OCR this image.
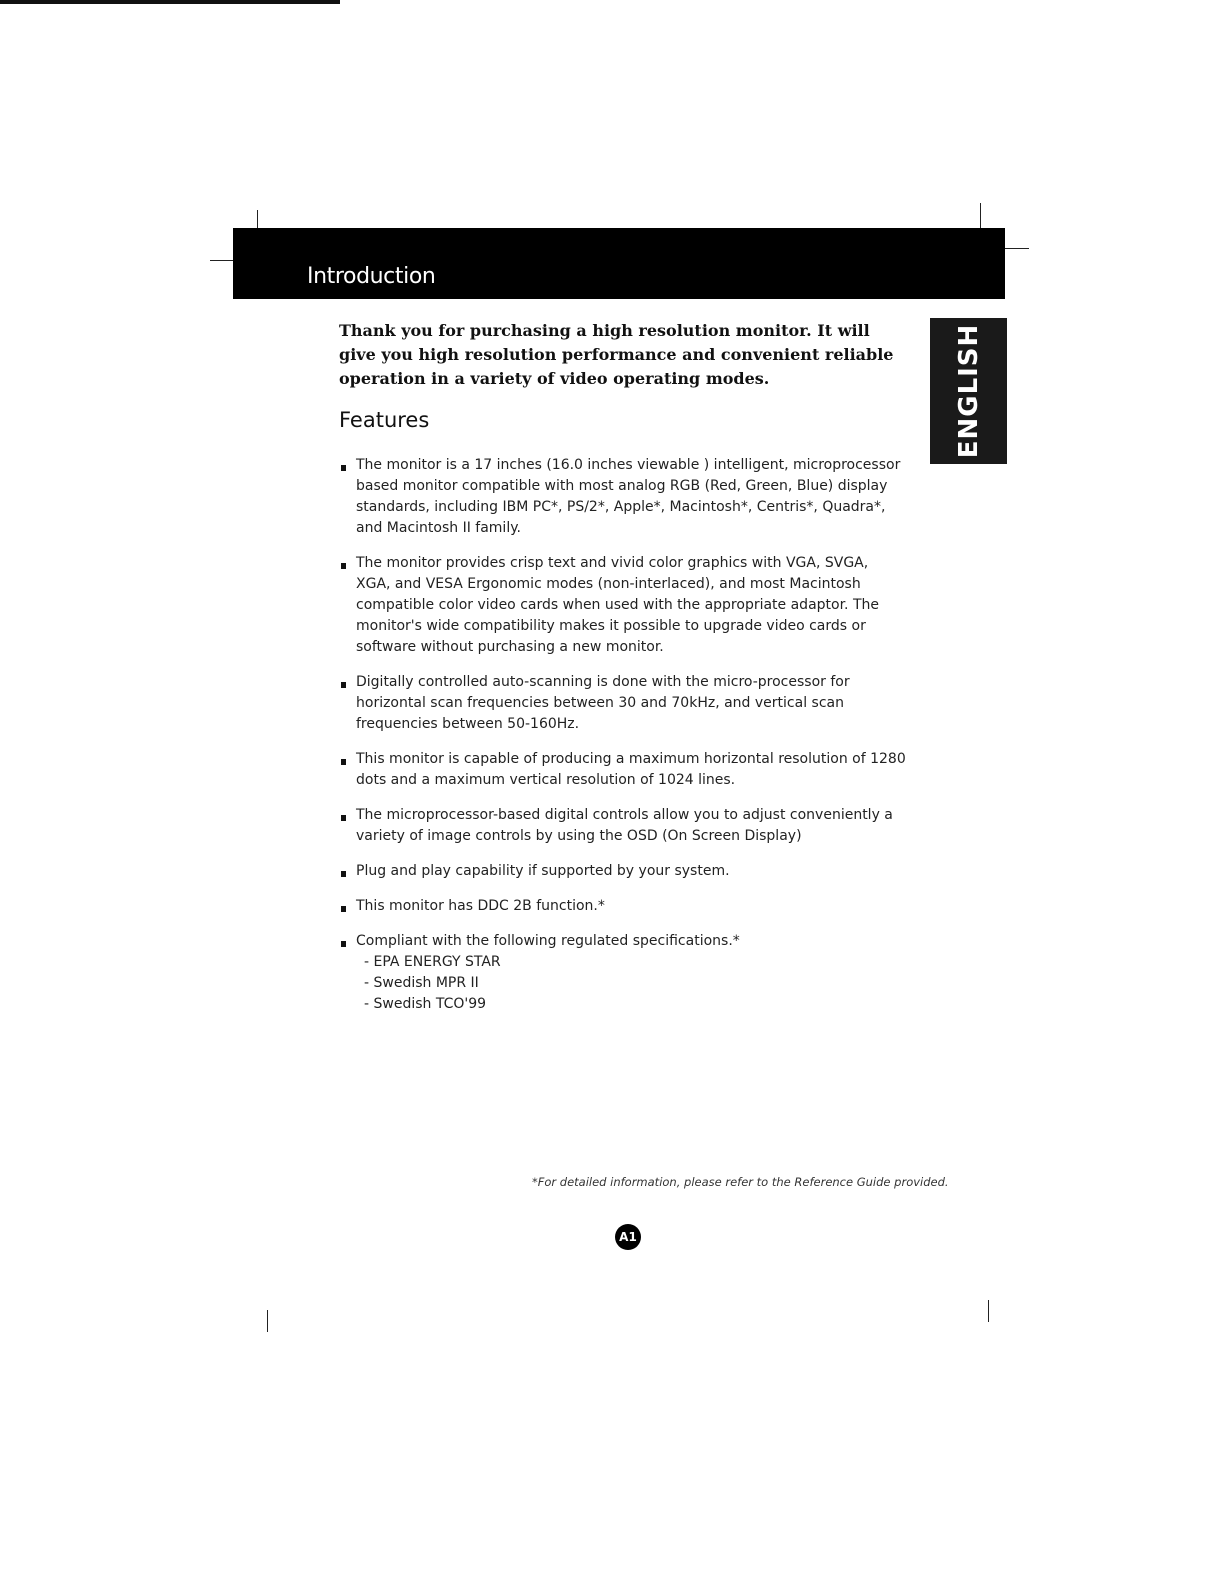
Introduction
ENGLISH

Thank you for purchasing a high resolution monitor. It will give you high resolution performance and convenient reliable operation in a variety of video operating modes.

Features
The monitor is a 17 inches (16.0 inches viewable ) intelligent, microprocessor based monitor compatible with most analog RGB (Red, Green, Blue) display standards, including IBM PC*, PS/2*, Apple*, Macintosh*, Centris*, Quadra*, and Macintosh II family.
The monitor provides crisp text and vivid color graphics with VGA, SVGA, XGA, and VESA Ergonomic modes (non-interlaced), and most Macintosh compatible color video cards when used with the appropriate adaptor. The monitor's wide compatibility makes it possible to upgrade video cards or software without purchasing a new monitor.
Digitally controlled auto-scanning is done with the micro-processor for horizontal scan frequencies between 30 and 70kHz, and vertical scan frequencies between 50-160Hz.
This monitor is capable of producing a maximum horizontal resolution of 1280 dots and a maximum vertical resolution of 1024 lines.
The microprocessor-based digital controls allow you to adjust conveniently a variety of image controls by using the OSD (On Screen Display)
Plug and play capability if supported by your system.
This monitor has DDC 2B function.*
Compliant with the following regulated specifications.*
- EPA ENERGY STAR
- Swedish MPR II
- Swedish TCO'99

*For detailed information, please refer to the Reference Guide provided.

A1
